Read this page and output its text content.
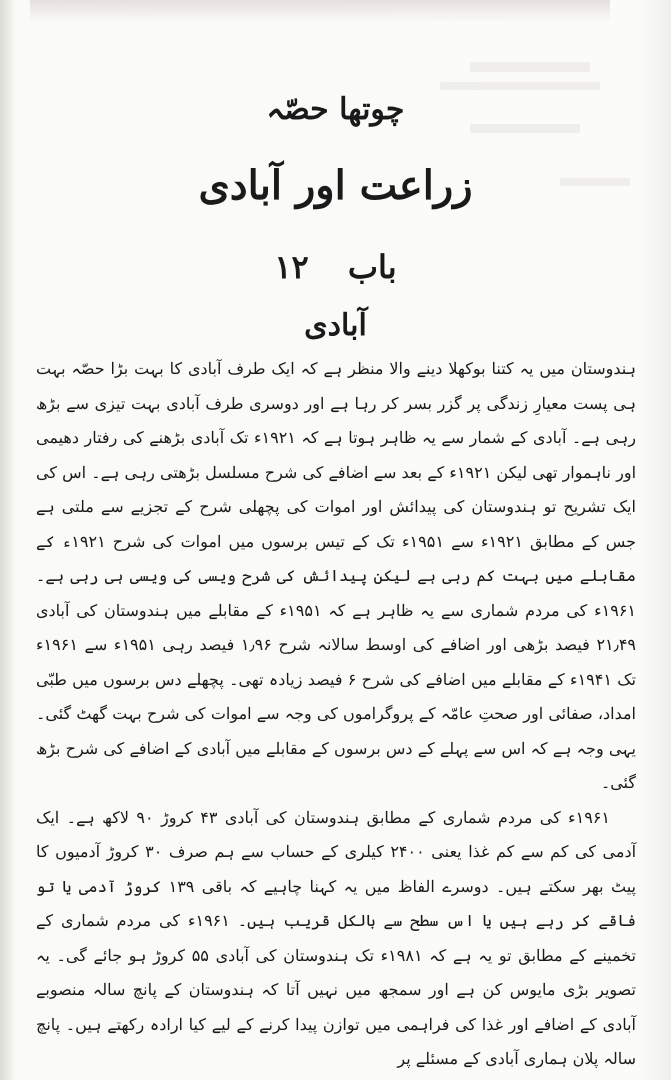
چوتھا حصّہ
زراعت اور آبادی
باب ۱۲
آبادی

ہندوستان میں یہ کتنا بوکھلا دینے والا منظر ہے کہ ایک طرف آبادی کا بہت بڑا حصّہ بہت ہی پست معیارِ زندگی پر گزر بسر کر رہا ہے اور دوسری طرف آبادی بہت تیزی سے بڑھ رہی ہے۔ آبادی کے شمار سے یہ ظاہر ہوتا ہے کہ ۱۹۲۱ء تک آبادی بڑھنے کی رفتار دھیمی اور ناہموار تھی لیکن ۱۹۲۱ء کے بعد سے اضافے کی شرح مسلسل بڑھتی رہی ہے۔ اس کی ایک تشریح تو ہندوستان کی پیدائش اور اموات کی پچھلی شرح کے تجزیے سے ملتی ہے جس کے مطابق ۱۹۲۱ء سے ۱۹۵۱ء تک کے تیس برسوں میں اموات کی شرح ۱۹۲۱ء کے مقابلے میں بہت کم رہی ہے لیکن پیدائش کی شرح ویسی کی ویسی ہی رہی ہے۔ ۱۹۶۱ء کی مردم شماری سے یہ ظاہر ہے کہ ۱۹۵۱ء کے مقابلے میں ہندوستان کی آبادی ۲۱٫۴۹ فیصد بڑھی اور اضافے کی اوسط سالانہ شرح ۱٫۹۶ فیصد رہی ۱۹۵۱ء سے ۱۹۶۱ء تک ۱۹۴۱ء کے مقابلے میں اضافے کی شرح ۶ فیصد زیادہ تھی۔ پچھلے دس برسوں میں طبّی امداد، صفائی اور صحتِ عامّہ کے پروگراموں کی وجہ سے اموات کی شرح بہت گھٹ گئی۔ یہی وجہ ہے کہ اس سے پہلے کے دس برسوں کے مقابلے میں آبادی کے اضافے کی شرح بڑھ گئی۔

۱۹۶۱ء کی مردم شماری کے مطابق ہندوستان کی آبادی ۴۳ کروڑ ۹۰ لاکھ ہے۔ ایک آدمی کی کم سے کم غذا یعنی ۲۴۰۰ کیلری کے حساب سے ہم صرف ۳۰ کروڑ آدمیوں کا پیٹ بھر سکتے ہیں۔ دوسرے الفاظ میں یہ کہنا چاہیے کہ باقی ۱۳۹ کروڑ آدمی یا تو فاقے کر رہے ہیں یا اس سطح سے بالکل قریب ہیں۔ ۱۹۶۱ء کی مردم شماری کے تخمینے کے مطابق تو یہ ہے کہ ۱۹۸۱ء تک ہندوستان کی آبادی ۵۵ کروڑ ہو جائے گی۔ یہ تصویر بڑی مایوس کن ہے اور سمجھ میں نہیں آتا کہ ہندوستان کے پانچ سالہ منصوبے آبادی کے اضافے اور غذا کی فراہمی میں توازن پیدا کرنے کے لیے کیا ارادہ رکھتے ہیں۔ پانچ سالہ پلان ہماری آبادی کے مسئلے پر
